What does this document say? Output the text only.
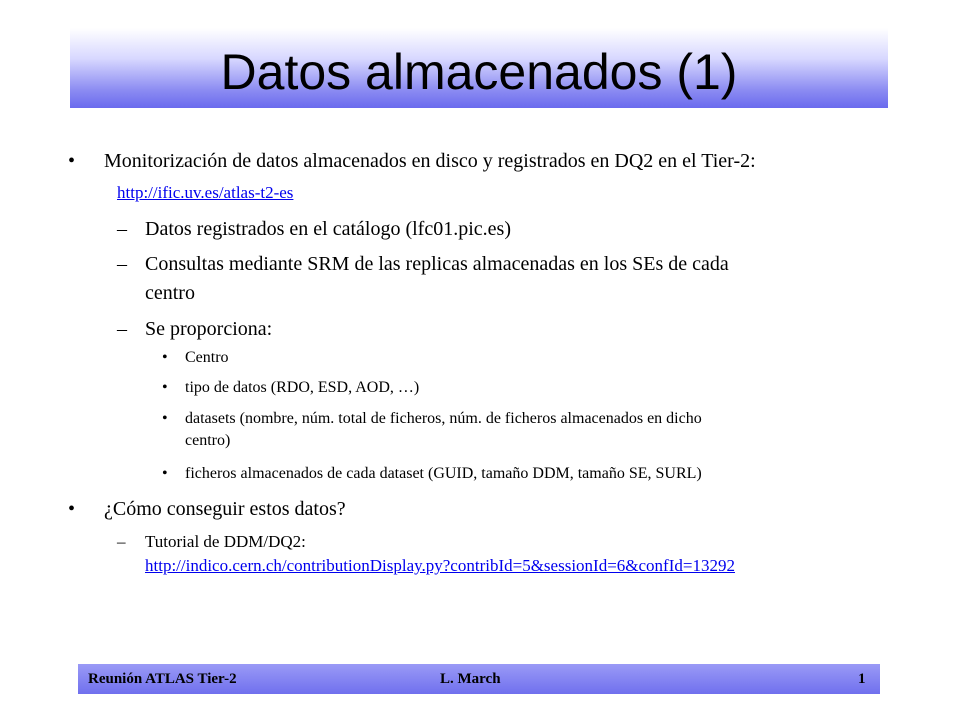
Datos almacenados (1)
• Monitorización de datos almacenados en disco y registrados en DQ2 en el Tier-2:
http://ific.uv.es/atlas-t2-es
– Datos registrados en el catálogo (lfc01.pic.es)
– Consultas mediante SRM de las replicas almacenadas en los SEs de cada
centro
– Se proporciona:
• Centro
• tipo de datos (RDO, ESD, AOD, …)
• datasets (nombre, núm. total de ficheros, núm. de ficheros almacenados en dicho
centro)
• ficheros almacenados de cada dataset (GUID, tamaño DDM, tamaño SE, SURL)
• ¿Cómo conseguir estos datos?
– Tutorial de DDM/DQ2:
http://indico.cern.ch/contributionDisplay.py?contribId=5&sessionId=6&confId=13292
Reunión ATLAS Tier-2	L. March	1
